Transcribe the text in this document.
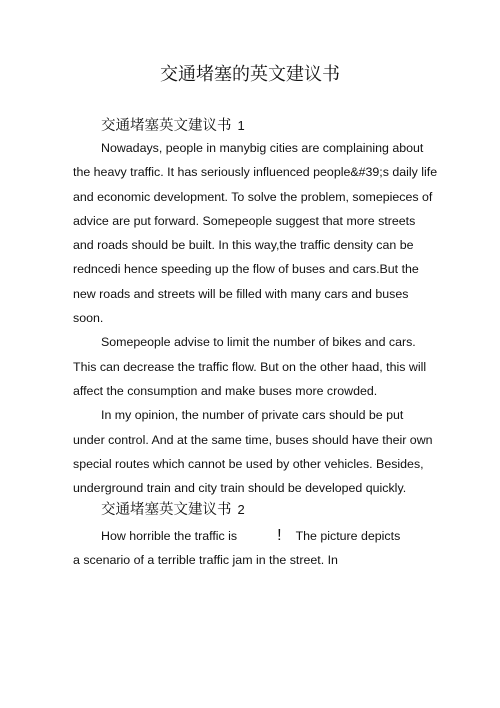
交通堵塞的英文建议书
交通堵塞英文建议书 1
Nowadays, people in manybig cities are complaining about
the heavy traffic. It has seriously influenced people&#39;s daily life
and economic development. To solve the problem, somepieces of
advice are put forward. Somepeople suggest that more streets
and roads should be built. In this way,the traffic density can be
redncedi hence speeding up the flow of buses and cars.But the
new roads and streets will be filled with many cars and buses
soon.
Somepeople advise to limit the number of bikes and cars.
This can decrease the traffic flow. But on the other haad, this will
affect the consumption and make buses more crowded.
In my opinion, the number of private cars should be put
under control. And at the same time, buses should have their own
special routes which cannot be used by other vehicles. Besides,
underground train and city train should be developed quickly.
交通堵塞英文建议书 2
How horrible the traffic is	! The picture depicts
a scenario of a terrible traffic jam in the street. In
